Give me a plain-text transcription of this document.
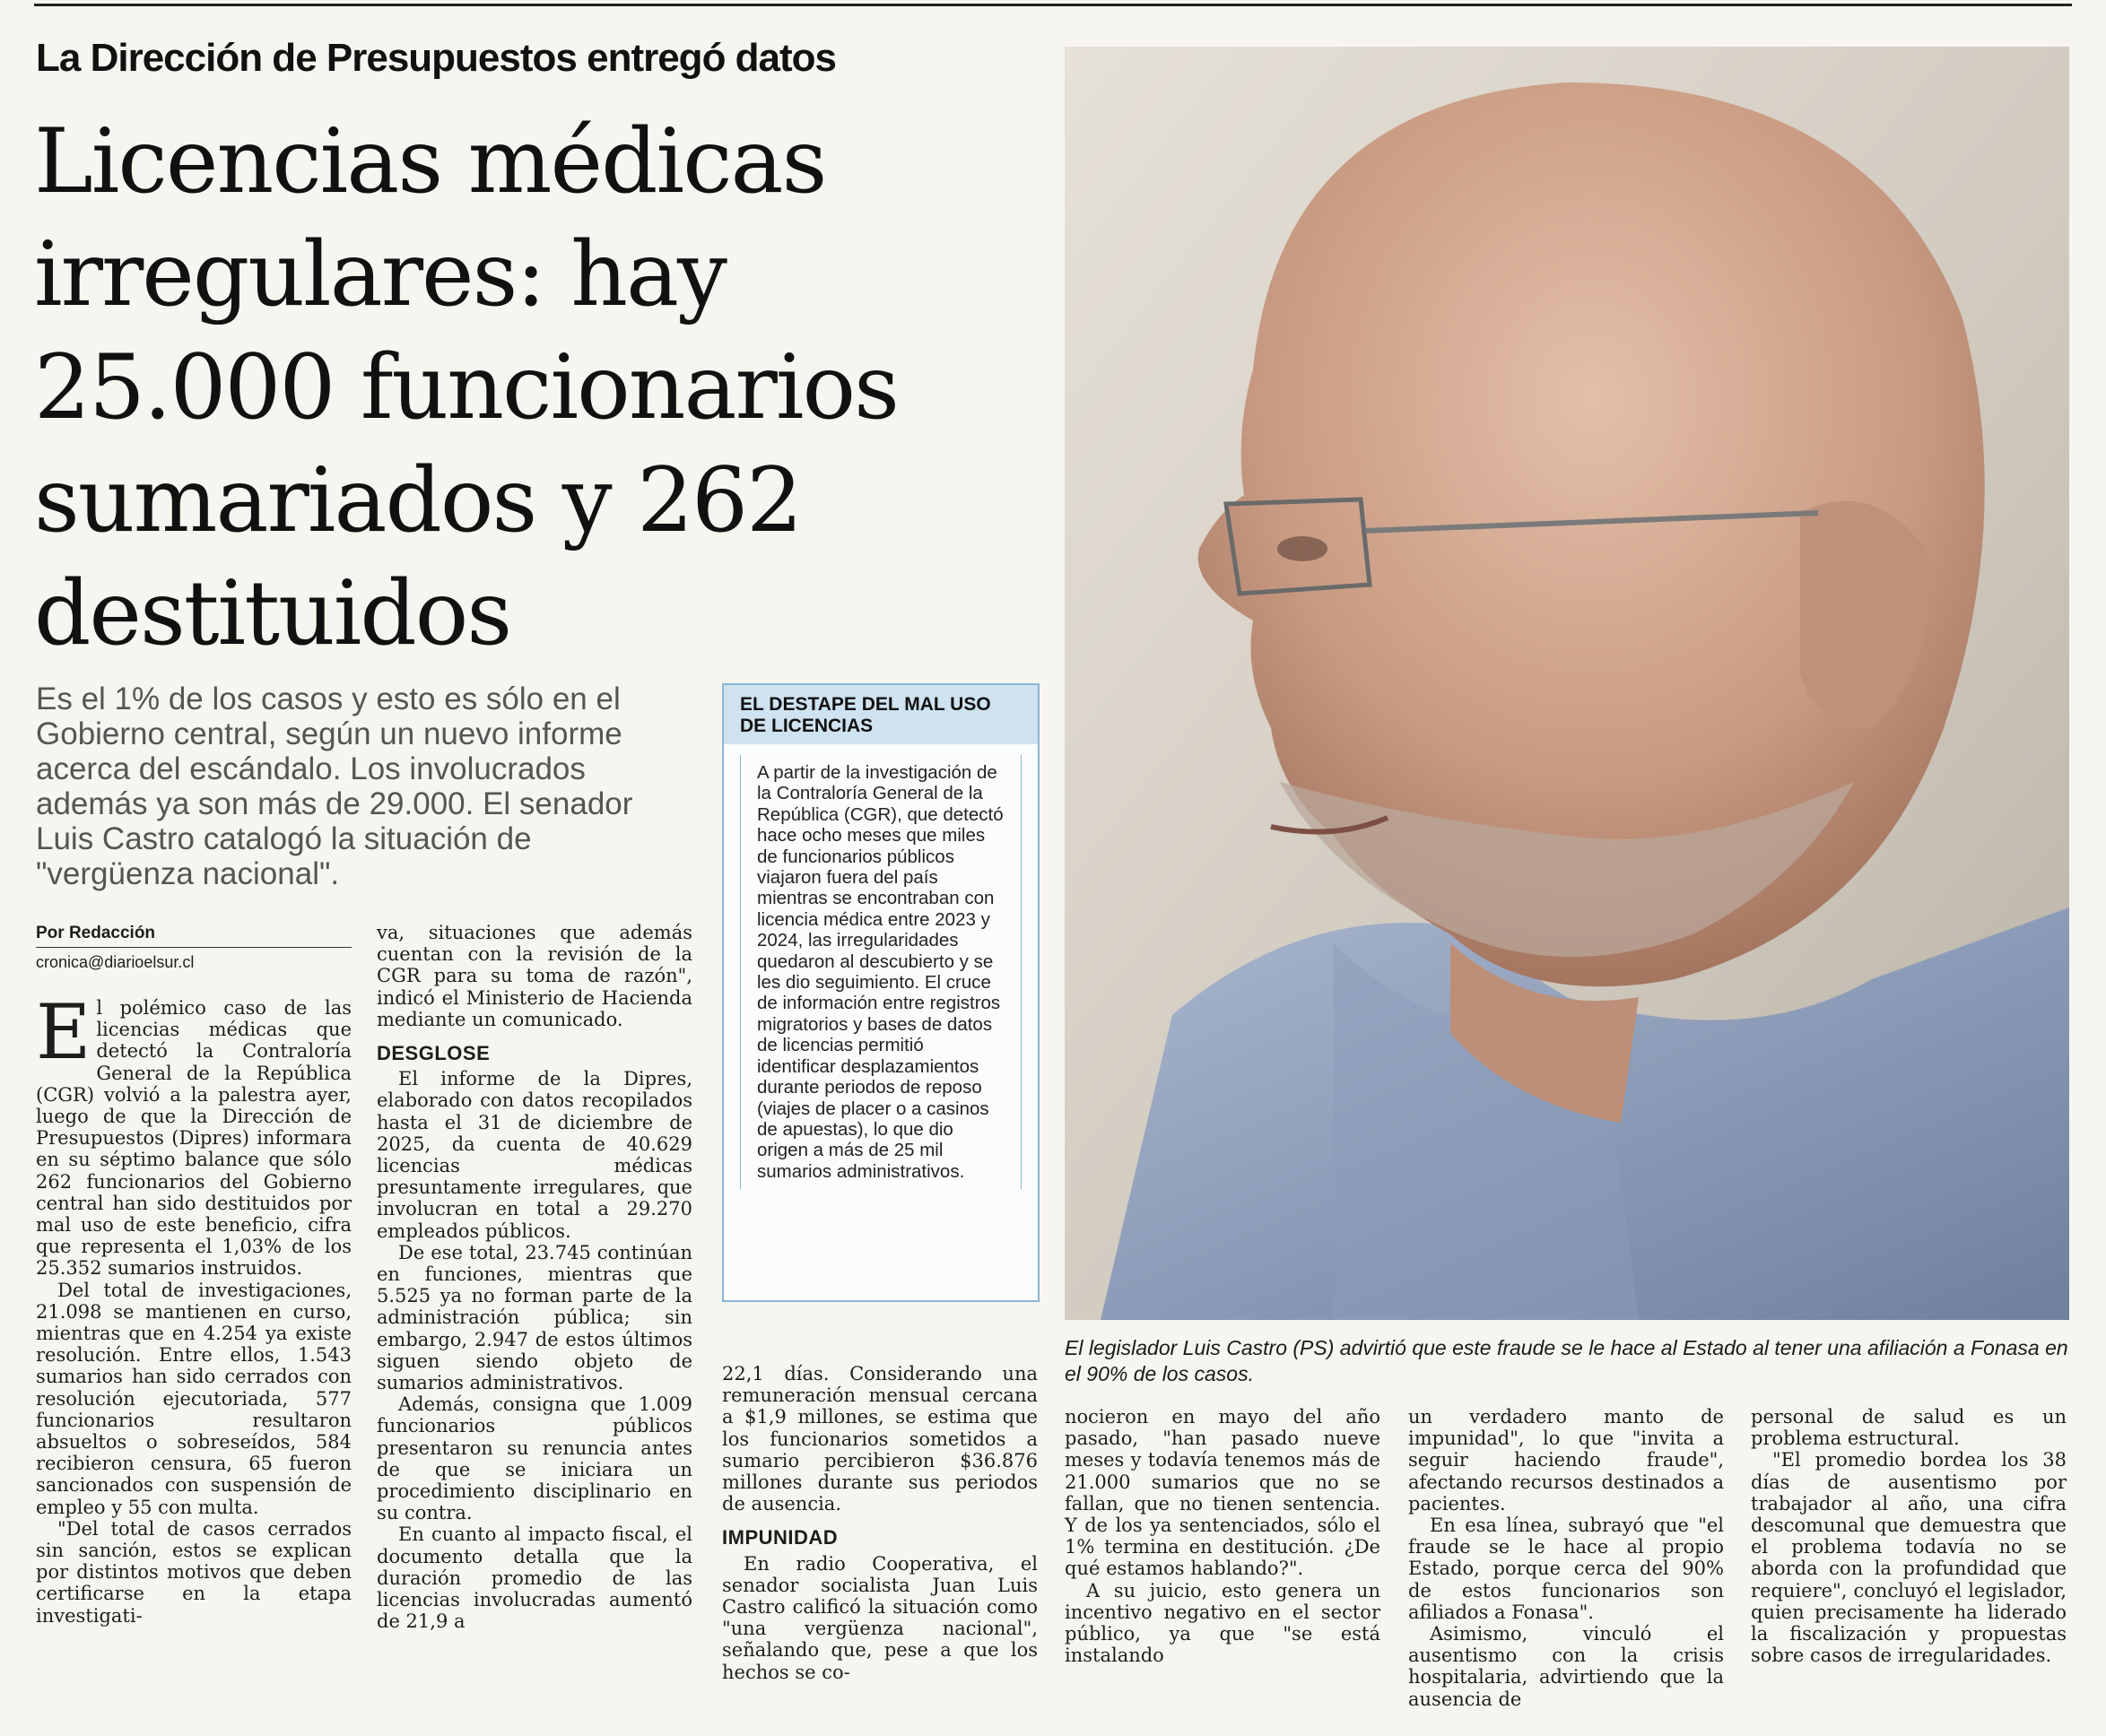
La Dirección de Presupuestos entregó datos
Licencias médicas irregulares: hay 25.000 funcionarios sumariados y 262 destituidos
Es el 1% de los casos y esto es sólo en el Gobierno central, según un nuevo informe acerca del escándalo. Los involucrados además ya son más de 29.000. El senador Luis Castro catalogó la situación de "vergüenza nacional".
El legislador Luis Castro (PS) advirtió que este fraude se le hace al Estado al tener una afiliación a Fonasa en el 90% de los casos.
Por Redacción
cronica@diarioelsur.cl

El polémico caso de las licencias médicas que detectó la Contraloría General de la República (CGR) volvió a la palestra ayer, luego de que la Dirección de Presupuestos (Dipres) informara en su séptimo balance que sólo 262 funcionarios del Gobierno central han sido destituidos por mal uso de este beneficio, cifra que representa el 1,03% de los 25.352 sumarios instruidos.

Del total de investigaciones, 21.098 se mantienen en curso, mientras que en 4.254 ya existe resolución. Entre ellos, 1.543 sumarios han sido cerrados con resolución ejecutoriada, 577 funcionarios resultaron absueltos o sobreseídos, 584 recibieron censura, 65 fueron sancionados con suspensión de empleo y 55 con multa.

"Del total de casos cerrados sin sanción, estos se explican por distintos motivos que deben certificarse en la etapa investigati-

va, situaciones que además cuentan con la revisión de la CGR para su toma de razón", indicó el Ministerio de Hacienda mediante un comunicado.

DESGLOSE

El informe de la Dipres, elaborado con datos recopilados hasta el 31 de diciembre de 2025, da cuenta de 40.629 licencias médicas presuntamente irregulares, que involucran en total a 29.270 empleados públicos.

De ese total, 23.745 continúan en funciones, mientras que 5.525 ya no forman parte de la administración pública; sin embargo, 2.947 de estos últimos siguen siendo objeto de sumarios administrativos.

Además, consigna que 1.009 funcionarios públicos presentaron su renuncia antes de que se iniciara un procedimiento disciplinario en su contra.

En cuanto al impacto fiscal, el documento detalla que la duración promedio de las licencias involucradas aumentó de 21,9 a

EL DESTAPE DEL MAL USO DE LICENCIAS
A partir de la investigación de la Contraloría General de la República (CGR), que detectó hace ocho meses que miles de funcionarios públicos viajaron fuera del país mientras se encontraban con licencia médica entre 2023 y 2024, las irregularidades quedaron al descubierto y se les dio seguimiento. El cruce de información entre registros migratorios y bases de datos de licencias permitió identificar desplazamientos durante periodos de reposo (viajes de placer o a casinos de apuestas), lo que dio origen a más de 25 mil sumarios administrativos.

22,1 días. Considerando una remuneración mensual cercana a $1,9 millones, se estima que los funcionarios sometidos a sumario percibieron $36.876 millones durante sus periodos de ausencia.

IMPUNIDAD

En radio Cooperativa, el senador socialista Juan Luis Castro calificó la situación como "una vergüenza nacional", señalando que, pese a que los hechos se co-

nocieron en mayo del año pasado, "han pasado nueve meses y todavía tenemos más de 21.000 sumarios que no se fallan, que no tienen sentencia. Y de los ya sentenciados, sólo el 1% termina en destitución. ¿De qué estamos hablando?".

A su juicio, esto genera un incentivo negativo en el sector público, ya que "se está instalando

un verdadero manto de impunidad", lo que "invita a seguir haciendo fraude", afectando recursos destinados a pacientes.

En esa línea, subrayó que "el fraude se le hace al propio Estado, porque cerca del 90% de estos funcionarios son afiliados a Fonasa".

Asimismo, vinculó el ausentismo con la crisis hospitalaria, advirtiendo que la ausencia de

personal de salud es un problema estructural.

"El promedio bordea los 38 días de ausentismo por trabajador al año, una cifra descomunal que demuestra que el problema todavía no se aborda con la profundidad que requiere", concluyó el legislador, quien precisamente ha liderado la fiscalización y propuestas sobre casos de irregularidades.
